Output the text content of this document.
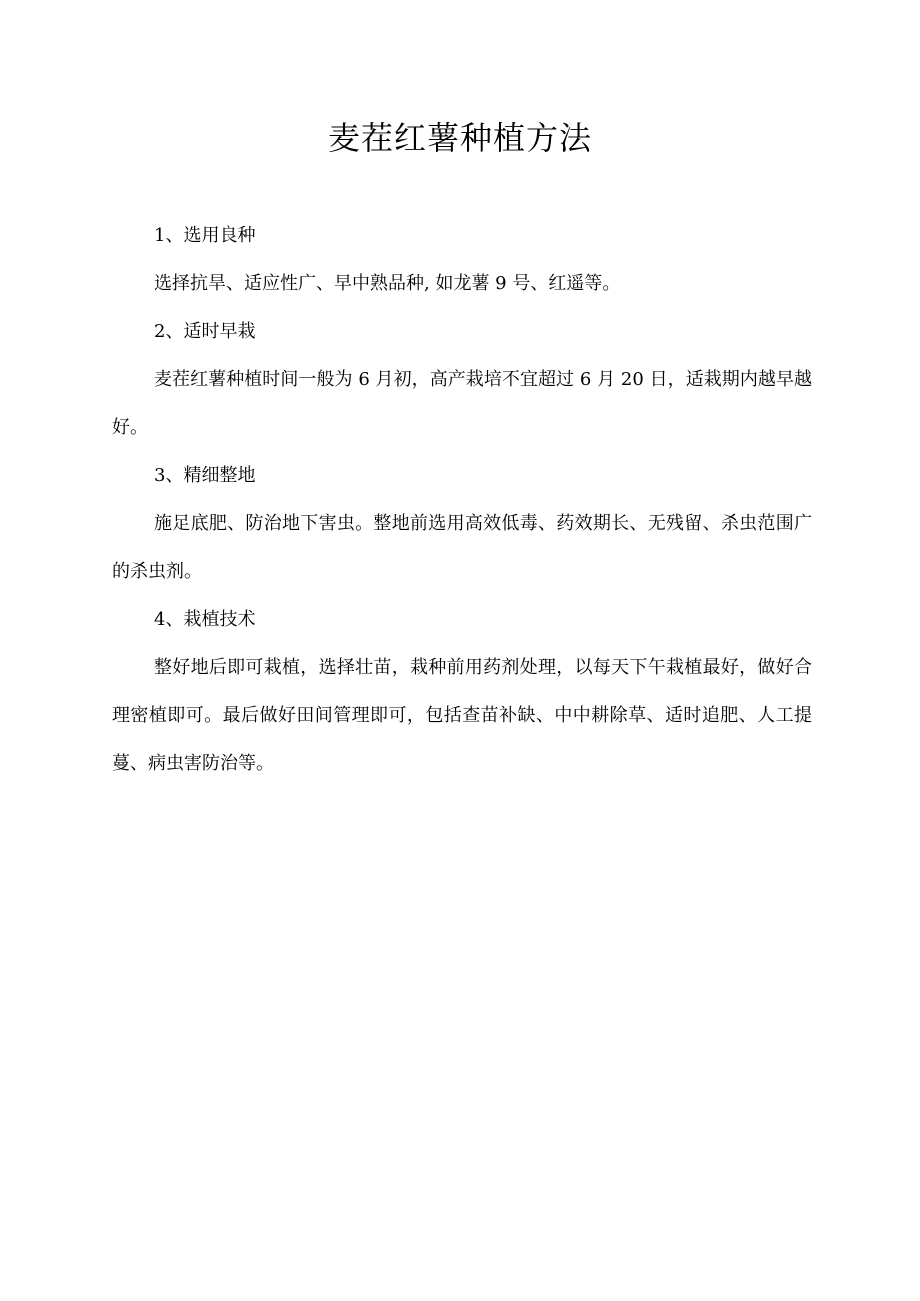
麦茬红薯种植方法

1、选用良种

选择抗旱、适应性广、早中熟品种, 如龙薯 9 号、红遥等。

2、适时早栽

麦茬红薯种植时间一般为 6 月初，高产栽培不宜超过 6 月 20 日，适栽期内越早越好。

3、精细整地

施足底肥、防治地下害虫。整地前选用高效低毒、药效期长、无残留、杀虫范围广的杀虫剂。

4、栽植技术

整好地后即可栽植，选择壮苗，栽种前用药剂处理，以每天下午栽植最好，做好合理密植即可。最后做好田间管理即可，包括查苗补缺、中中耕除草、适时追肥、人工提蔓、病虫害防治等。
